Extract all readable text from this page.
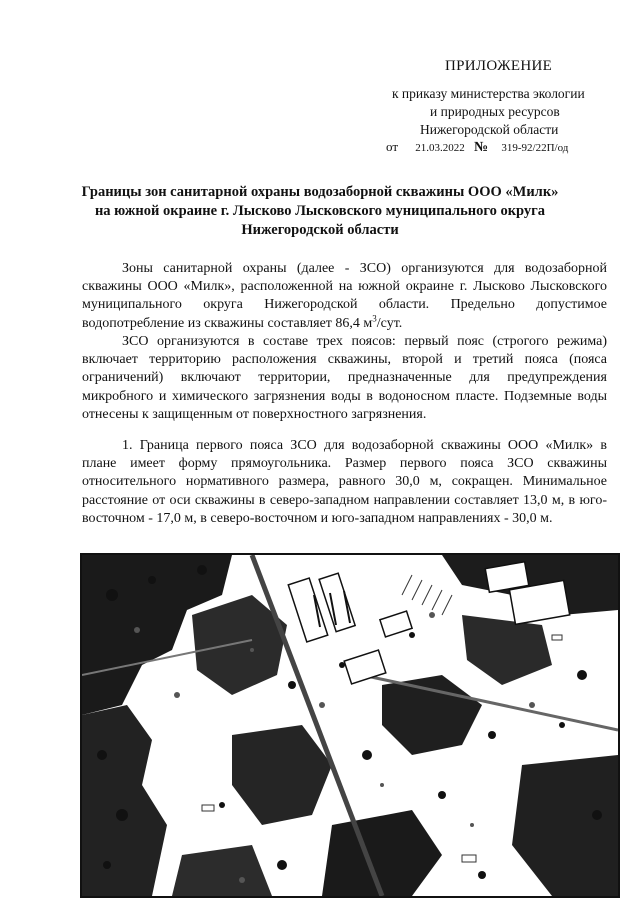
ПРИЛОЖЕНИЕ
к приказу министерства экологии
и природных ресурсов
Нижегородской области
от 21.03.2022 № 319-92/22П/од
Границы зон санитарной охраны водозаборной скважины ООО «Милк»
на южной окраине г. Лысково Лысковского муниципального округа
Нижегородской области

Зоны санитарной охраны (далее - ЗСО) организуются для водозаборной скважины ООО «Милк», расположенной на южной окраине г. Лысково Лысковского муниципального округа Нижегородской области. Предельно допустимое водопотребление из скважины составляет 86,4 $м^3$/сут.

ЗСО организуются в составе трех поясов: первый пояс (строгого режима) включает территорию расположения скважины, второй и третий пояса (пояса ограничений) включают территории, предназначенные для предупреждения микробного и химического загрязнения воды в водоносном пласте. Подземные воды отнесены к защищенным от поверхностного загрязнения.

1. Граница первого пояса ЗСО для водозаборной скважины ООО «Милк» в плане имеет форму прямоугольника. Размер первого пояса ЗСО скважины относительного нормативного размера, равного 30,0 м, сокращен. Минимальное расстояние от оси скважины в северо-западном направлении составляет 13,0 м, в юго-восточном - 17,0 м, в северо-восточном и юго-западном направлениях - 30,0 м.
